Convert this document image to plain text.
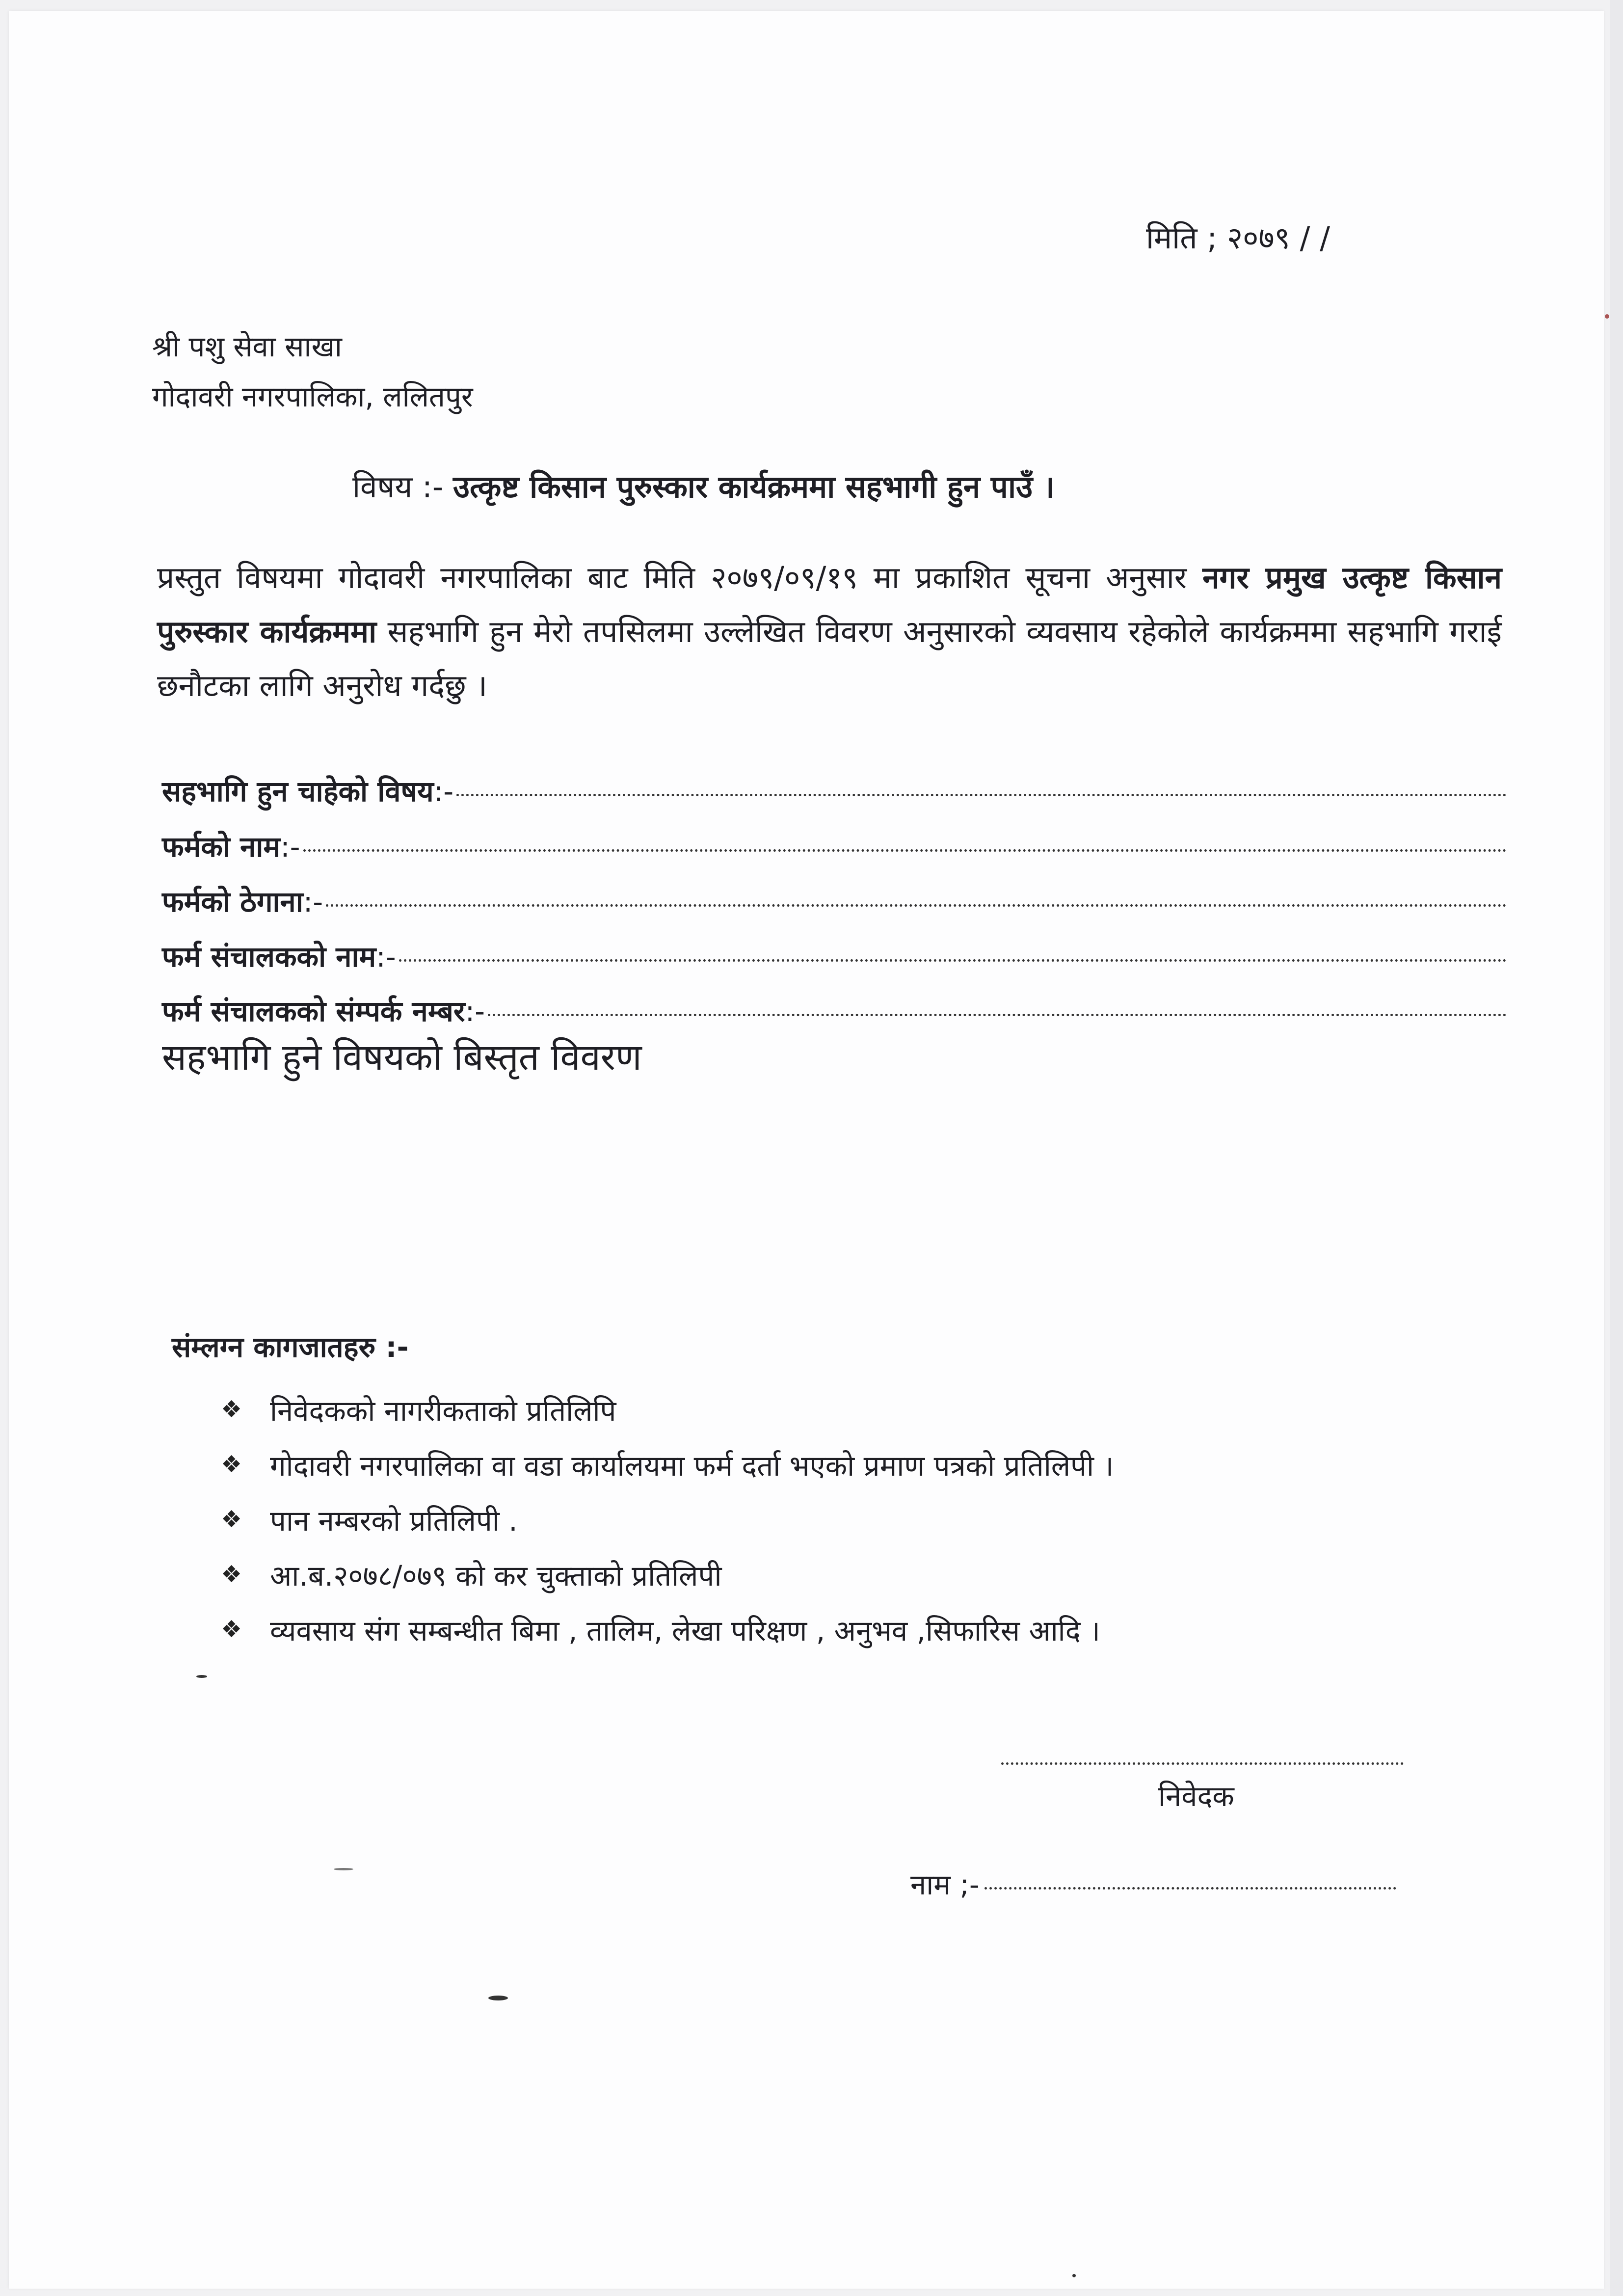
मिति ; २०७९ / /
श्री पशु सेवा साखा
गोदावरी नगरपालिका, ललितपुर
विषय :- उत्कृष्ट किसान पुरुस्कार कार्यक्रममा सहभागी हुन पाउँ ।
प्रस्तुत विषयमा गोदावरी नगरपालिका बाट मिति २०७९/०९/१९ मा प्रकाशित सूचना अनुसार नगर प्रमुख उत्कृष्ट किसान पुरुस्कार कार्यक्रममा सहभागि हुन मेरो तपसिलमा उल्लेखित विवरण अनुसारको व्यवसाय रहेकोले कार्यक्रममा सहभागि गराई छनौटका लागि अनुरोध गर्दछु ।
सहभागि हुन चाहेको विषय :-
फर्मको नाम :-
फर्मको ठेगाना :-
फर्म संचालकको नाम :-
फर्म संचालकको संम्पर्क नम्बर :-
सहभागि हुने विषयको बिस्तृत विवरण
संम्लग्न कागजातहरु :-
❖ निवेदकको नागरीकताको प्रतिलिपि
❖ गोदावरी नगरपालिका वा वडा कार्यालयमा फर्म दर्ता भएको प्रमाण पत्रको प्रतिलिपी ।
❖ पान नम्बरको प्रतिलिपी .
❖ आ.ब.२०७८/०७९ को कर चुक्ताको प्रतिलिपी
❖ व्यवसाय संग सम्बन्धीत बिमा , तालिम, लेखा परिक्षण , अनुभव ,सिफारिस आदि ।
निवेदक
नाम ;-
